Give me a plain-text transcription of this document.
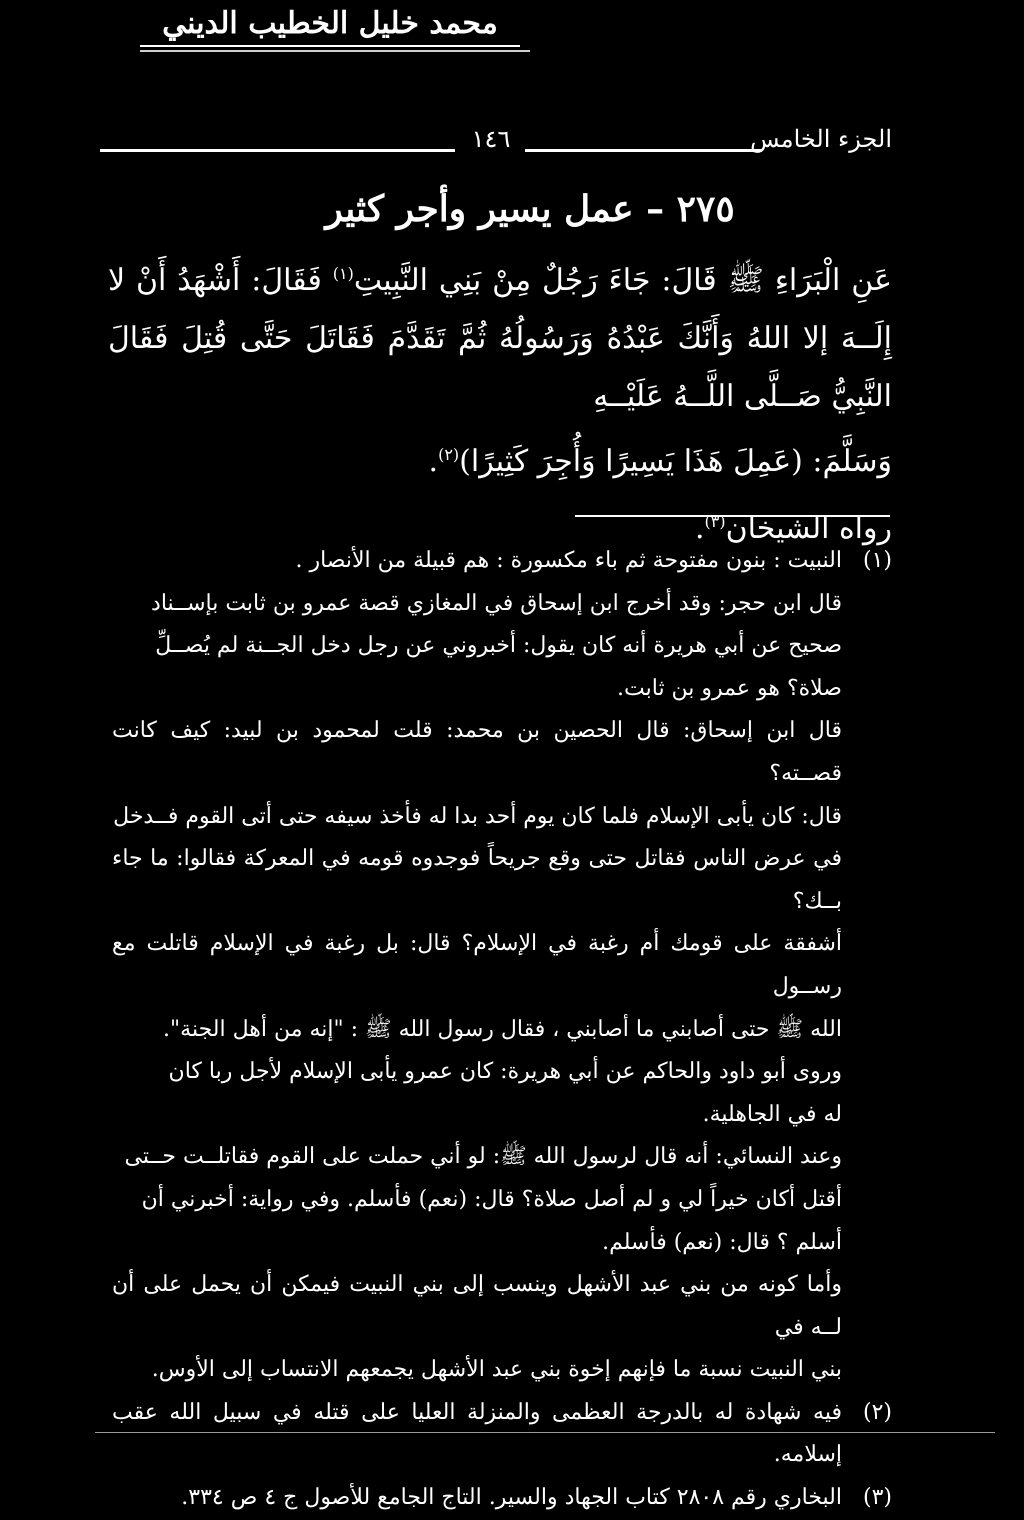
محمد خليل الخطيب الديني
١٤٦	الجزء الخامس
٢٧٥ – عمل يسير وأجر كثير

عَنِ الْبَرَاءِ ﷺ قَالَ: جَاءَ رَجُلٌ مِنْ بَنِي النَّبِيتِ$^{(١)}$ فَقَالَ: أَشْهَدُ أَنْ لا إِلَــهَ إلا اللهُ وَأَنَّكَ عَبْدُهُ وَرَسُولُهُ ثُمَّ تَقَدَّمَ فَقَاتَلَ حَتَّى قُتِلَ فَقَالَ النَّبِيُّ صَــلَّى اللَّــهُ عَلَيْــهِ
وَسَلَّمَ: (عَمِلَ هَذَا يَسِيرًا وَأُجِرَ كَثِيرًا)$^{(٢)}$.

رواه الشيخان$^{(٣)}$.

(١)

النبيت : بنون مفتوحة ثم باء مكسورة : هم قبيلة من الأنصار .

قال ابن حجر: وقد أخرج ابن إسحاق في المغازي قصة عمرو بن ثابت بإســناد

صحيح عن أبي هريرة أنه كان يقول: أخبروني عن رجل دخل الجــنة لم يُصــلِّ

صلاة؟ هو عمرو بن ثابت.

قال ابن إسحاق: قال الحصين بن محمد: قلت لمحمود بن لبيد: كيف كانت قصــته؟

قال: كان يأبى الإسلام فلما كان يوم أحد بدا له فأخذ سيفه حتى أتى القوم فــدخل

في عرض الناس فقاتل حتى وقع جريحاً فوجدوه قومه في المعركة فقالوا: ما جاء بــك؟

أشفقة على قومك أم رغبة في الإسلام؟ قال: بل رغبة في الإسلام قاتلت مع رســول

الله ﷺ حتى أصابني ما أصابني ، فقال رسول الله ﷺ : "إنه من أهل الجنة".

وروى أبو داود والحاكم عن أبي هريرة: كان عمرو يأبى الإسلام لأجل ربا كان

له في الجاهلية.

وعند النسائي: أنه قال لرسول الله ﷺ: لو أني حملت على القوم فقاتلــت حــتى

أقتل أكان خيراً لي و لم أصل صلاة؟ قال: (نعم) فأسلم. وفي رواية: أخبرني أن

أسلم ؟ قال: (نعم) فأسلم.

وأما كونه من بني عبد الأشهل وينسب إلى بني النبيت فيمكن أن يحمل على أن لــه في

بني النبيت نسبة ما فإنهم إخوة بني عبد الأشهل يجمعهم الانتساب إلى الأوس.

(٢)

فيه شهادة له بالدرجة العظمى والمنزلة العليا على قتله في سبيل الله عقب إسلامه.

(٣)

البخاري رقم ٢٨٠٨ كتاب الجهاد والسير. التاج الجامع للأصول ج ٤ ص ٣٣٤.
